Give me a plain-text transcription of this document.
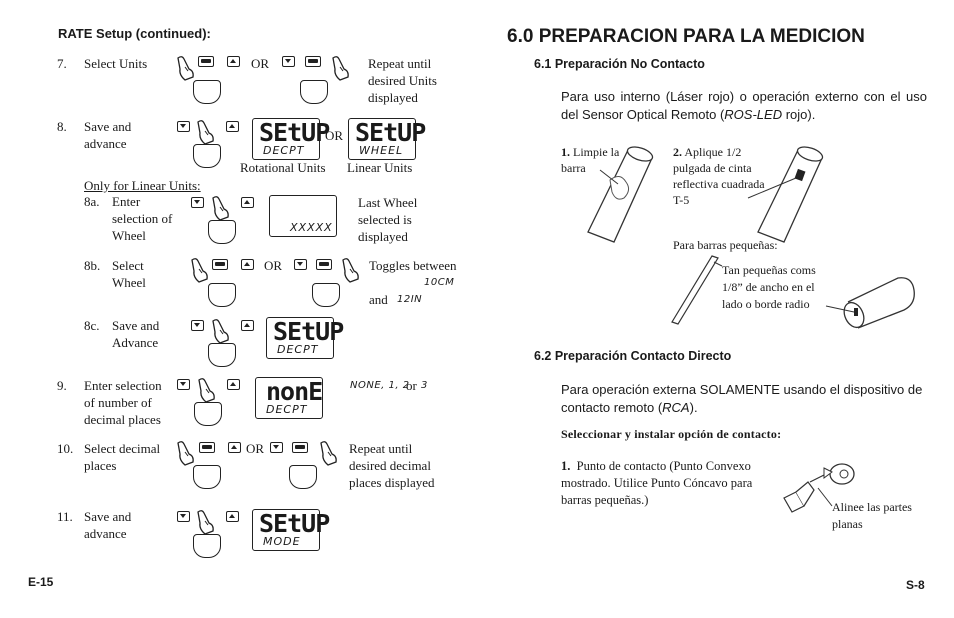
RATE Setup (continued):
7. Select Units	OR	Repeat until desired Units displayed
8. Save and advance	SEtUP
DECPT
OR SEtUP
WHEEL
Rotational Units Linear Units
Only for Linear Units:
8a. Enter selection of Wheel
XXXXX
Last Wheel selected is displayed
8b. Select Wheel
OR	Toggles between
10CM
and 12IN
8c. Save and Advance	SEtUP
DECPT
9. Enter selection of number of decimal places
nonE
DECPT
NONE, 1, 2
or 3
10. Select decimal places
OR	Repeat until desired decimal places displayed
11. Save and advance	SEtUP
MODE
E-15
6.0 PREPARACION PARA LA MEDICION
6.1 Preparación No Contacto
Para uso interno (Láser rojo) o operación externo con el uso del Sensor Optical Remoto (ROS-LED rojo).
1. Limpie la barra
2. Aplique 1/2 pulgada de cinta reflectiva cuadrada T-5
Para barras pequeñas:
Tan pequeñas coms 1/8” de ancho en el lado o borde radio
6.2 Preparación Contacto Directo
Para operación externa SOLAMENTE usando el dispositivo de contacto remoto (RCA).
Seleccionar y instalar opción de contacto:
1. Punto de contacto (Punto Convexo mostrado. Utilice Punto Cóncavo para barras pequeñas.)	Alinee las partes planas
S-8
